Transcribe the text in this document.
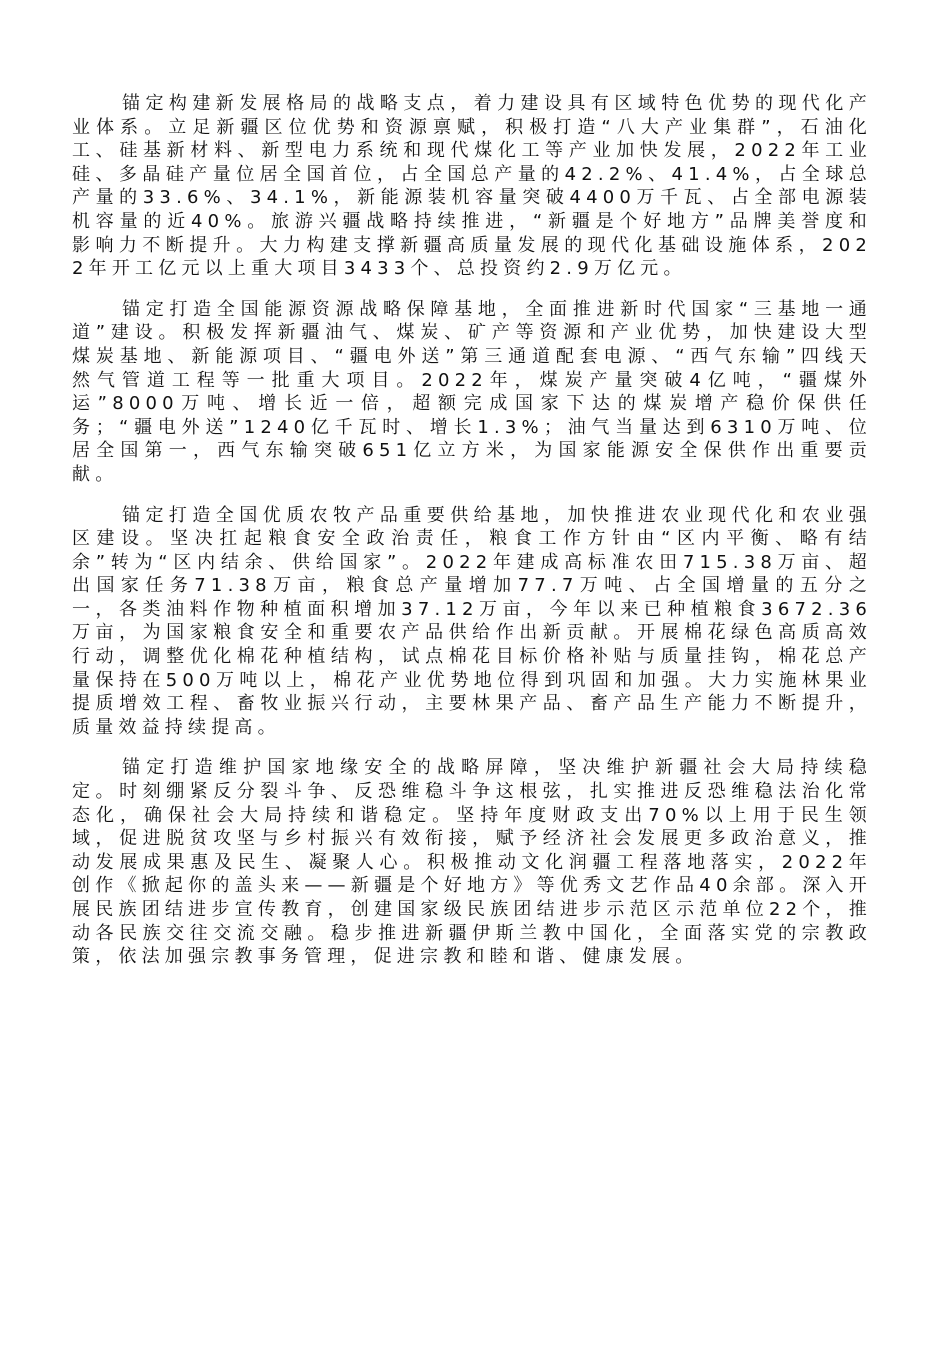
锚定构建新发展格局的战略支点，着力建设具有区域特色优势的现代化产业体系。立足新疆区位优势和资源禀赋，积极打造“八大产业集群”，石油化工、硅基新材料、新型电力系统和现代煤化工等产业加快发展，2022年工业硅、多晶硅产量位居全国首位，占全国总产量的42.2%、41.4%，占全球总产量的33.6%、34.1%，新能源装机容量突破4400万千瓦、占全部电源装机容量的近40%。旅游兴疆战略持续推进，“新疆是个好地方”品牌美誉度和影响力不断提升。大力构建支撑新疆高质量发展的现代化基础设施体系，2022年开工亿元以上重大项目3433个、总投资约2.9万亿元。

锚定打造全国能源资源战略保障基地，全面推进新时代国家“三基地一通道”建设。积极发挥新疆油气、煤炭、矿产等资源和产业优势，加快建设大型煤炭基地、新能源项目、“疆电外送”第三通道配套电源、“西气东输”四线天然气管道工程等一批重大项目。2022年，煤炭产量突破4亿吨，“疆煤外运”8000万吨、增长近一倍，超额完成国家下达的煤炭增产稳价保供任务；“疆电外送”1240亿千瓦时、增长1.3%；油气当量达到6310万吨、位居全国第一，西气东输突破651亿立方米，为国家能源安全保供作出重要贡献。

锚定打造全国优质农牧产品重要供给基地，加快推进农业现代化和农业强区建设。坚决扛起粮食安全政治责任，粮食工作方针由“区内平衡、略有结余”转为“区内结余、供给国家”。2022年建成高标准农田715.38万亩、超出国家任务71.38万亩，粮食总产量增加77.7万吨、占全国增量的五分之一，各类油料作物种植面积增加37.12万亩，今年以来已种植粮食3672.36万亩，为国家粮食安全和重要农产品供给作出新贡献。开展棉花绿色高质高效行动，调整优化棉花种植结构，试点棉花目标价格补贴与质量挂钩，棉花总产量保持在500万吨以上，棉花产业优势地位得到巩固和加强。大力实施林果业提质增效工程、畜牧业振兴行动，主要林果产品、畜产品生产能力不断提升，质量效益持续提高。

锚定打造维护国家地缘安全的战略屏障，坚决维护新疆社会大局持续稳定。时刻绷紧反分裂斗争、反恐维稳斗争这根弦，扎实推进反恐维稳法治化常态化，确保社会大局持续和谐稳定。坚持年度财政支出70%以上用于民生领域，促进脱贫攻坚与乡村振兴有效衔接，赋予经济社会发展更多政治意义，推动发展成果惠及民生、凝聚人心。积极推动文化润疆工程落地落实，2022年创作《掀起你的盖头来——新疆是个好地方》等优秀文艺作品40余部。深入开展民族团结进步宣传教育，创建国家级民族团结进步示范区示范单位22个，推动各民族交往交流交融。稳步推进新疆伊斯兰教中国化，全面落实党的宗教政策，依法加强宗教事务管理，促进宗教和睦和谐、健康发展。
